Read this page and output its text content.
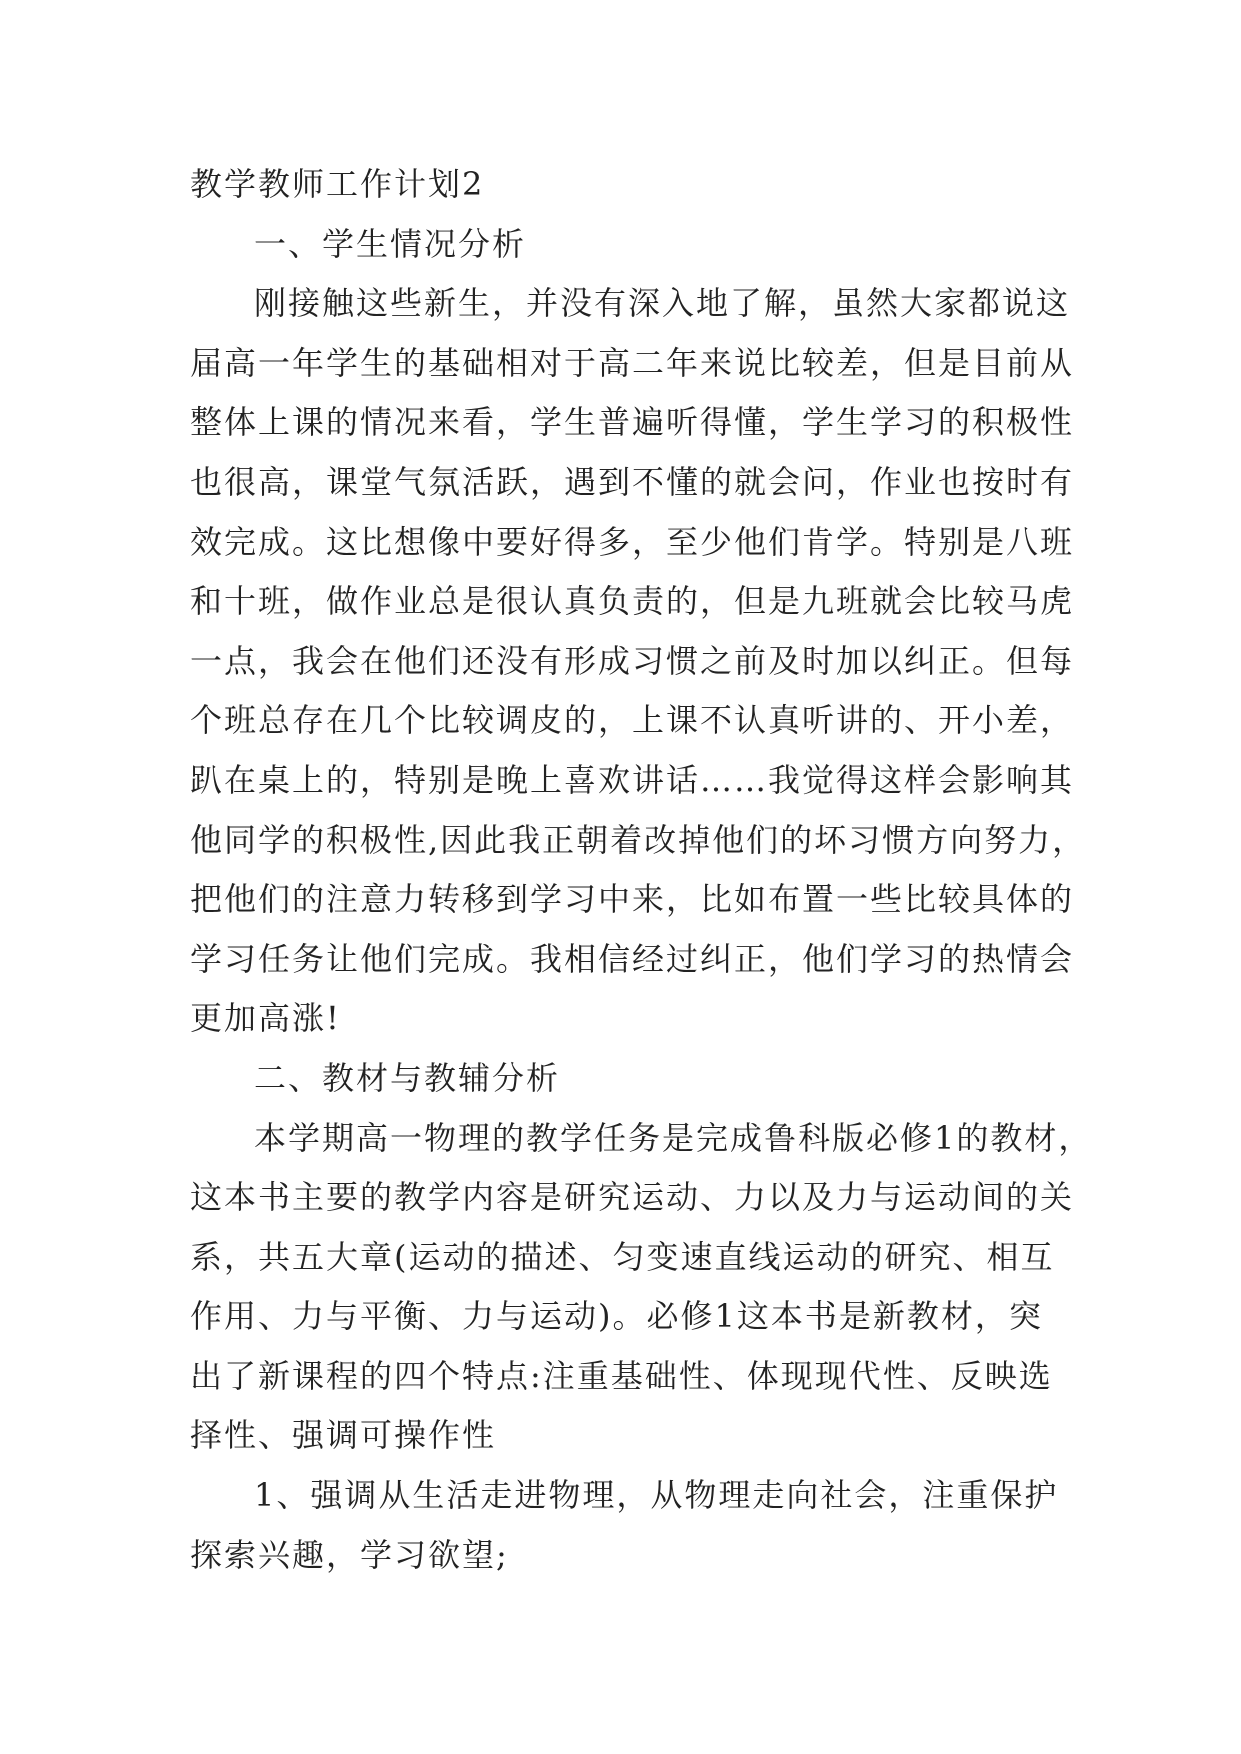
教学教师工作计划2
一、学生情况分析
刚接触这些新生，并没有深入地了解，虽然大家都说这
届高一年学生的基础相对于高二年来说比较差，但是目前从
整体上课的情况来看，学生普遍听得懂，学生学习的积极性
也很高，课堂气氛活跃，遇到不懂的就会问，作业也按时有
效完成。这比想像中要好得多，至少他们肯学。特别是八班
和十班，做作业总是很认真负责的，但是九班就会比较马虎
一点，我会在他们还没有形成习惯之前及时加以纠正。但每
个班总存在几个比较调皮的，上课不认真听讲的、开小差，
趴在桌上的，特别是晚上喜欢讲话……我觉得这样会影响其
他同学的积极性,因此我正朝着改掉他们的坏习惯方向努力，
把他们的注意力转移到学习中来，比如布置一些比较具体的
学习任务让他们完成。我相信经过纠正，他们学习的热情会
更加高涨!
二、教材与教辅分析
本学期高一物理的教学任务是完成鲁科版必修1的教材，
这本书主要的教学内容是研究运动、力以及力与运动间的关
系，共五大章(运动的描述、匀变速直线运动的研究、相互
作用、力与平衡、力与运动)。必修1这本书是新教材，突
出了新课程的四个特点:注重基础性、体现现代性、反映选
择性、强调可操作性
1、强调从生活走进物理，从物理走向社会，注重保护
探索兴趣，学习欲望;
